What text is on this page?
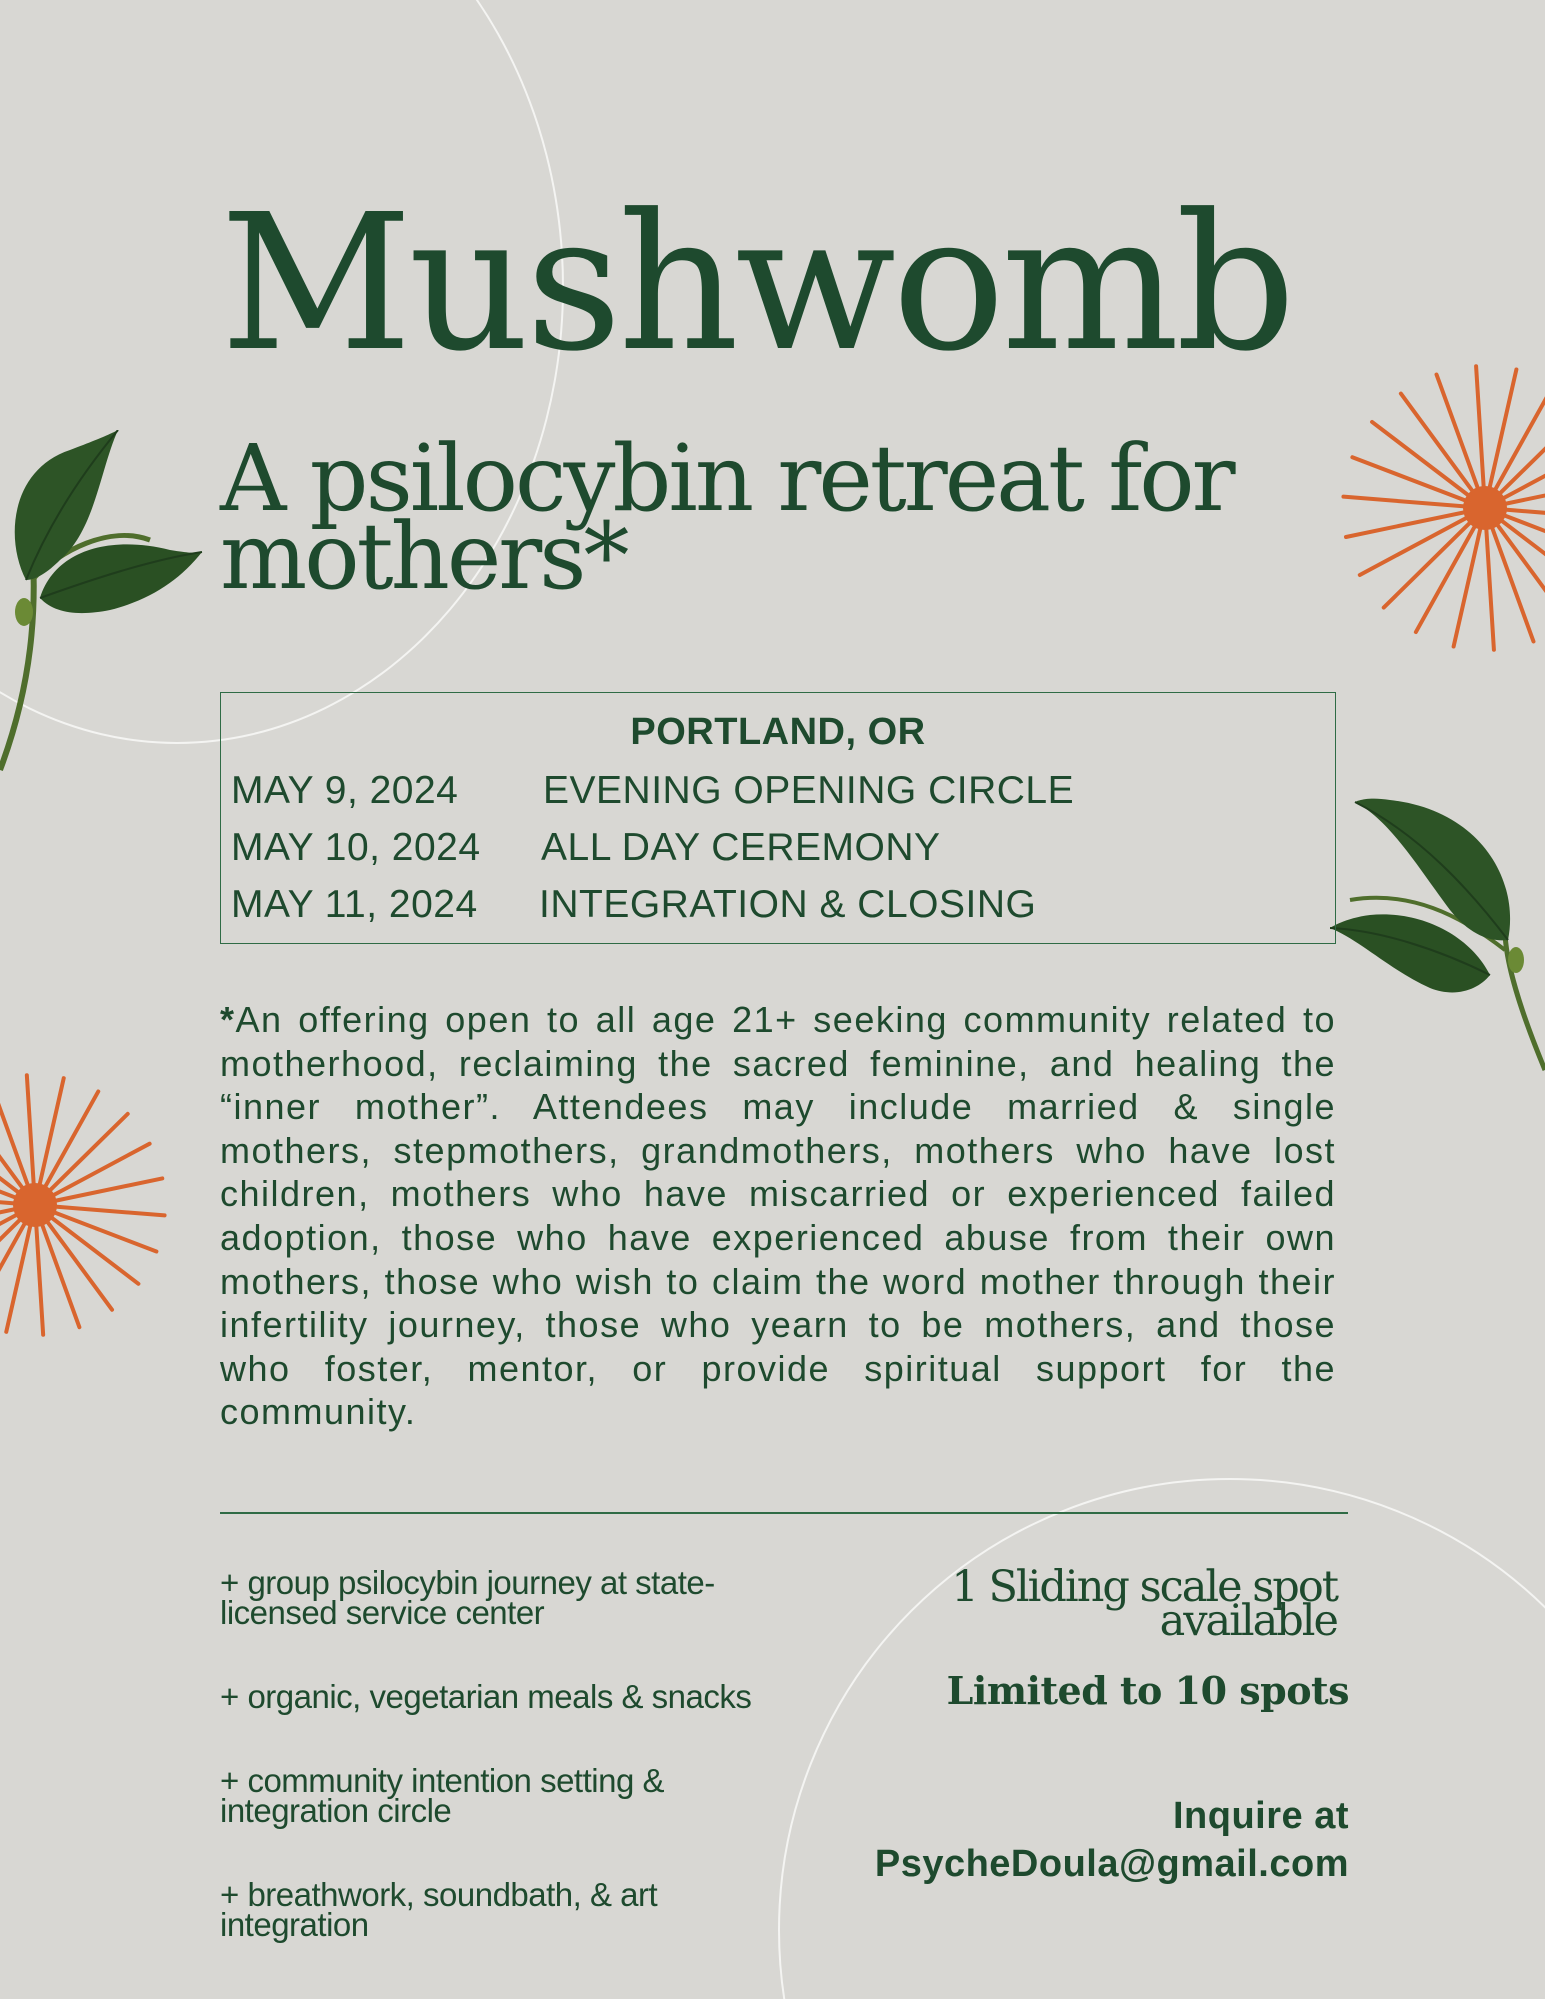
Mushwomb
A psilocybin retreat for mothers*
PORTLAND, OR
MAY 9, 2024 EVENING OPENING CIRCLE
MAY 10, 2024 ALL DAY CEREMONY
MAY 11, 2024 INTEGRATION & CLOSING

*An offering open to all age 21+ seeking community related to motherhood, reclaiming the sacred feminine, and healing the “inner mother”. Attendees may include married & single mothers, stepmothers, grandmothers, mothers who have lost children, mothers who have miscarried or experienced failed adoption, those who have experienced abuse from their own mothers, those who wish to claim the word mother through their infertility journey, those who yearn to be mothers, and those who foster, mentor, or provide spiritual support for the community.

+ group psilocybin journey at state-licensed service center
+ organic, vegetarian meals & snacks
+ community intention setting & integration circle
+ breathwork, soundbath, & art integration
1 Sliding scale spot available
Limited to 10 spots
Inquire at
PsycheDoula@gmail.com
